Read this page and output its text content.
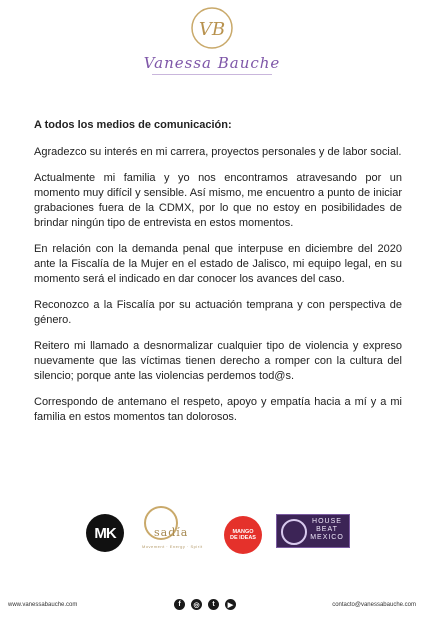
VB
Vanessa Bauche

A todos los medios de comunicación:

Agradezco su interés en mi carrera, proyectos personales y de labor social.

Actualmente mi familia y yo nos encontramos atravesando por un momento muy difícil y sensible. Así mismo, me encuentro a punto de iniciar grabaciones fuera de la CDMX, por lo que no estoy en posibilidades de brindar ningún tipo de entrevista en estos momentos.

En relación con la demanda penal que interpuse en diciembre del 2020 ante la Fiscalía de la Mujer en el estado de Jalisco, mi equipo legal, en su momento será el indicado en dar conocer los avances del caso.

Reconozco a la Fiscalía por su actuación temprana y con perspectiva de género.

Reitero mi llamado a desnormalizar cualquier tipo de violencia y expreso nuevamente que las víctimas tienen derecho a romper con la cultura del silencio; porque ante las violencias perdemos tod@s.

Correspondo de antemano el respeto, apoyo y empatía hacia a mí y a mi familia en estos momentos tan dolorosos.

MK	sadía
Movement · Energy · Spirit
MANGO
DE IDEAS
HOUSE
BEAT
MEXICO
www.vanessabauche.com	f	◎	t	▶	contacto@vanessabauche.com
